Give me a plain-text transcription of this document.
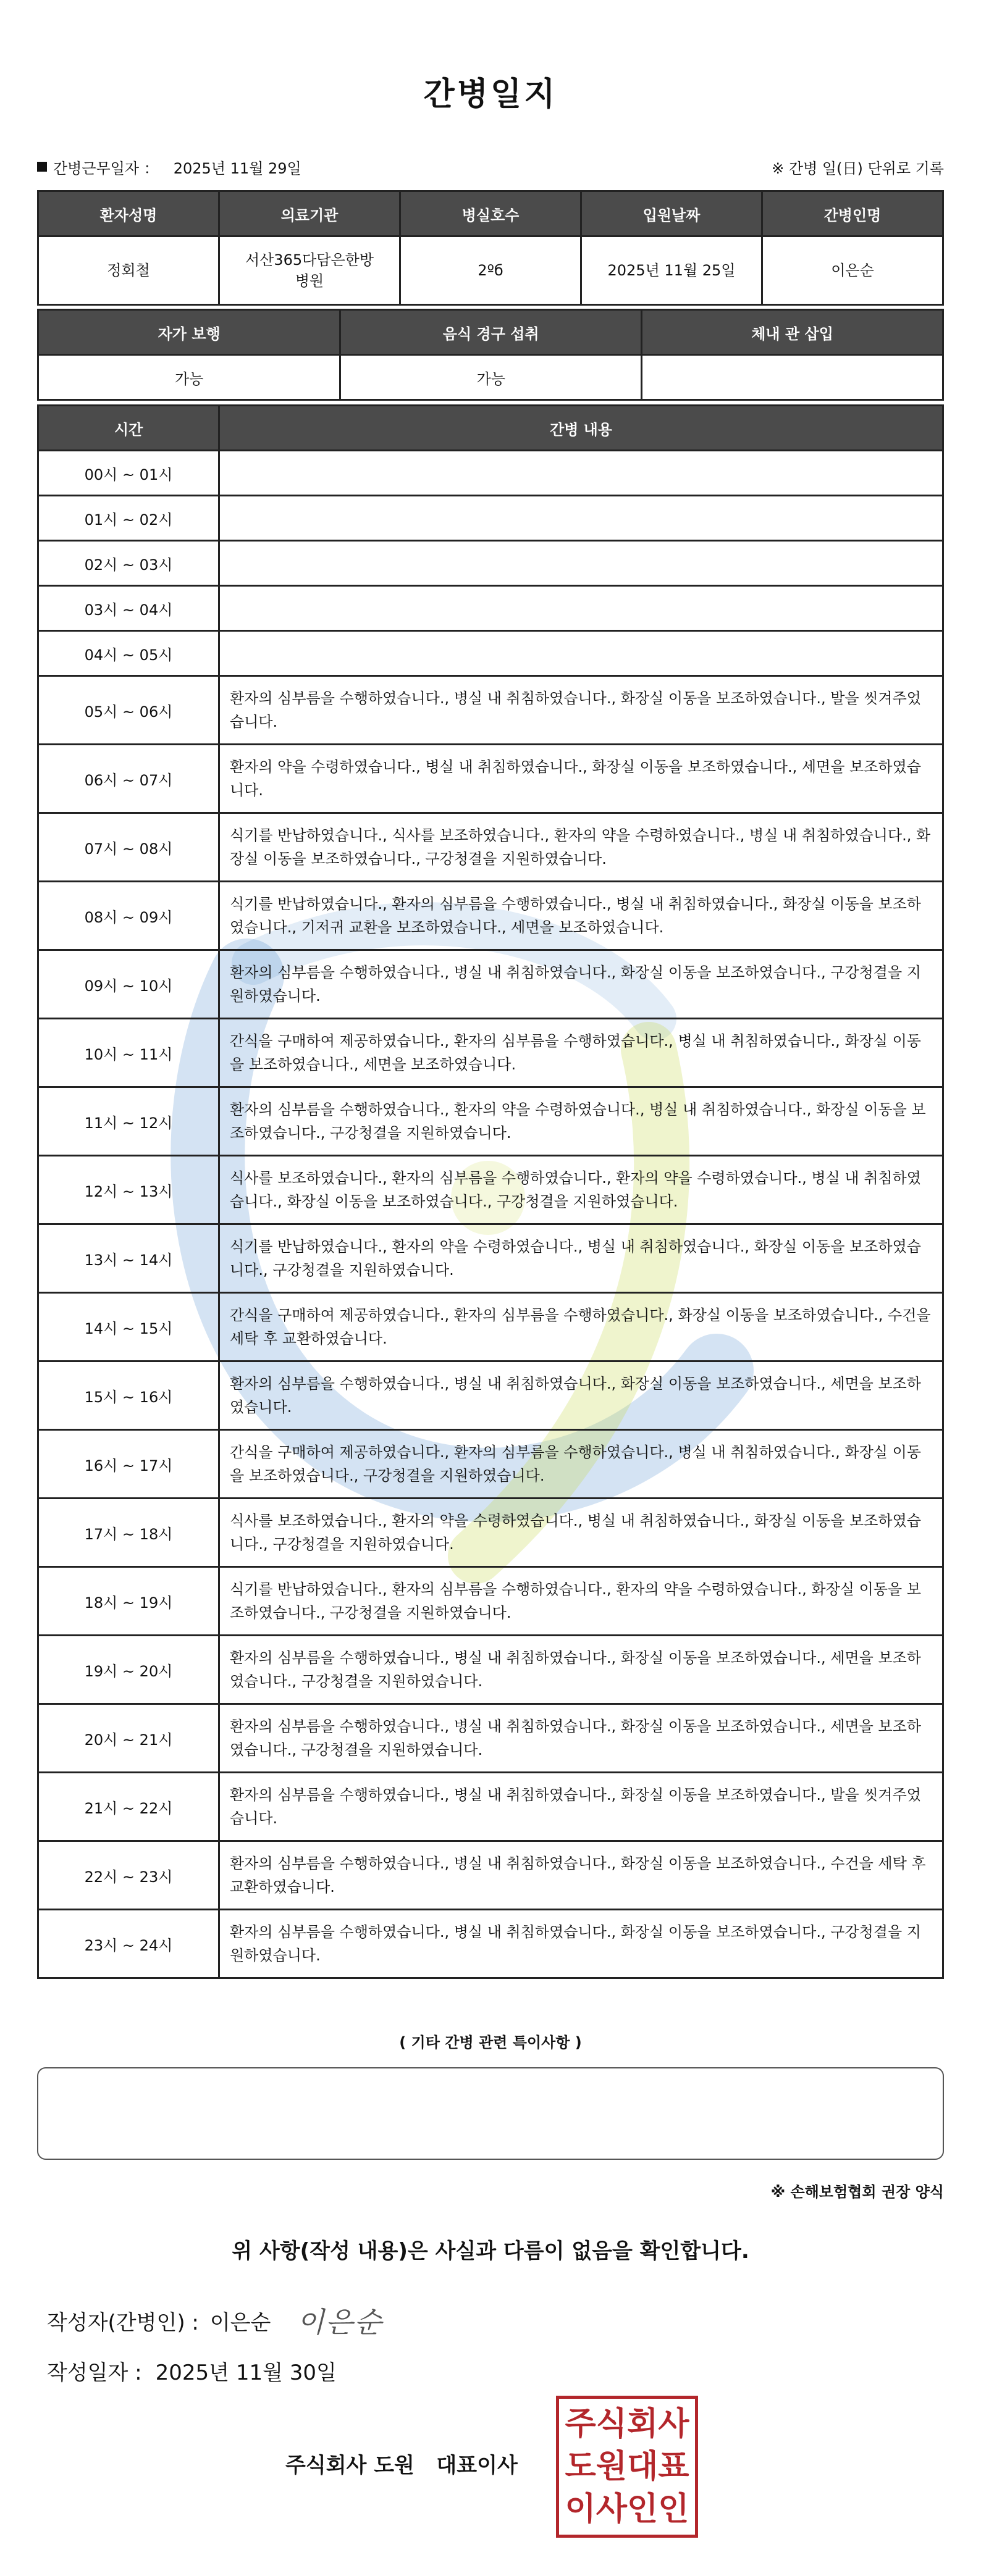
간병일지
간병근무일자 ： 2025년 11월 29일	※ 간병 일(日) 단위로 기록
환자성명	의료기관	병실호수	입원날짜	간병인명
정회철	서산365다담은한방병원	2ºб	2025년 11월 25일	이은순
자가 보행	음식 경구 섭취	체내 관 삽입
가능	가능	
시간	간병 내용
00시 ~ 01시	
01시 ~ 02시	
02시 ~ 03시	
03시 ~ 04시	
04시 ~ 05시	
05시 ~ 06시	환자의 심부름을 수행하였습니다., 병실 내 취침하였습니다., 화장실 이동을 보조하였습니다., 발을 씻겨주었습니다.
06시 ~ 07시	환자의 약을 수령하였습니다., 병실 내 취침하였습니다., 화장실 이동을 보조하였습니다., 세면을 보조하였습니다.
07시 ~ 08시	식기를 반납하였습니다., 식사를 보조하였습니다., 환자의 약을 수령하였습니다., 병실 내 취침하였습니다., 화장실 이동을 보조하였습니다., 구강청결을 지원하였습니다.
08시 ~ 09시	식기를 반납하였습니다., 환자의 심부름을 수행하였습니다., 병실 내 취침하였습니다., 화장실 이동을 보조하였습니다., 기저귀 교환을 보조하였습니다., 세면을 보조하였습니다.
09시 ~ 10시	환자의 심부름을 수행하였습니다., 병실 내 취침하였습니다., 화장실 이동을 보조하였습니다., 구강청결을 지원하였습니다.
10시 ~ 11시	간식을 구매하여 제공하였습니다., 환자의 심부름을 수행하였습니다., 병실 내 취침하였습니다., 화장실 이동을 보조하였습니다., 세면을 보조하였습니다.
11시 ~ 12시	환자의 심부름을 수행하였습니다., 환자의 약을 수령하였습니다., 병실 내 취침하였습니다., 화장실 이동을 보조하였습니다., 구강청결을 지원하였습니다.
12시 ~ 13시	식사를 보조하였습니다., 환자의 심부름을 수행하였습니다., 환자의 약을 수령하였습니다., 병실 내 취침하였습니다., 화장실 이동을 보조하였습니다., 구강청결을 지원하였습니다.
13시 ~ 14시	식기를 반납하였습니다., 환자의 약을 수령하였습니다., 병실 내 취침하였습니다., 화장실 이동을 보조하였습니다., 구강청결을 지원하였습니다.
14시 ~ 15시	간식을 구매하여 제공하였습니다., 환자의 심부름을 수행하였습니다., 화장실 이동을 보조하였습니다., 수건을 세탁 후 교환하였습니다.
15시 ~ 16시	환자의 심부름을 수행하였습니다., 병실 내 취침하였습니다., 화장실 이동을 보조하였습니다., 세면을 보조하였습니다.
16시 ~ 17시	간식을 구매하여 제공하였습니다., 환자의 심부름을 수행하였습니다., 병실 내 취침하였습니다., 화장실 이동을 보조하였습니다., 구강청결을 지원하였습니다.
17시 ~ 18시	식사를 보조하였습니다., 환자의 약을 수령하였습니다., 병실 내 취침하였습니다., 화장실 이동을 보조하였습니다., 구강청결을 지원하였습니다.
18시 ~ 19시	식기를 반납하였습니다., 환자의 심부름을 수행하였습니다., 환자의 약을 수령하였습니다., 화장실 이동을 보조하였습니다., 구강청결을 지원하였습니다.
19시 ~ 20시	환자의 심부름을 수행하였습니다., 병실 내 취침하였습니다., 화장실 이동을 보조하였습니다., 세면을 보조하였습니다., 구강청결을 지원하였습니다.
20시 ~ 21시	환자의 심부름을 수행하였습니다., 병실 내 취침하였습니다., 화장실 이동을 보조하였습니다., 세면을 보조하였습니다., 구강청결을 지원하였습니다.
21시 ~ 22시	환자의 심부름을 수행하였습니다., 병실 내 취침하였습니다., 화장실 이동을 보조하였습니다., 발을 씻겨주었습니다.
22시 ~ 23시	환자의 심부름을 수행하였습니다., 병실 내 취침하였습니다., 화장실 이동을 보조하였습니다., 수건을 세탁 후 교환하였습니다.
23시 ~ 24시	환자의 심부름을 수행하였습니다., 병실 내 취침하였습니다., 화장실 이동을 보조하였습니다., 구강청결을 지원하였습니다.
( 기타 간병 관련 특이사항 )
※ 손해보험협회 권장 양식
위 사항(작성 내용)은 사실과 다름이 없음을 확인합니다.
작성자(간병인) : 이은순 이은순
작성일자 : 2025년 11월 30일
주식회사 도원   대표이사
주식회사
도원대표
이사인인
